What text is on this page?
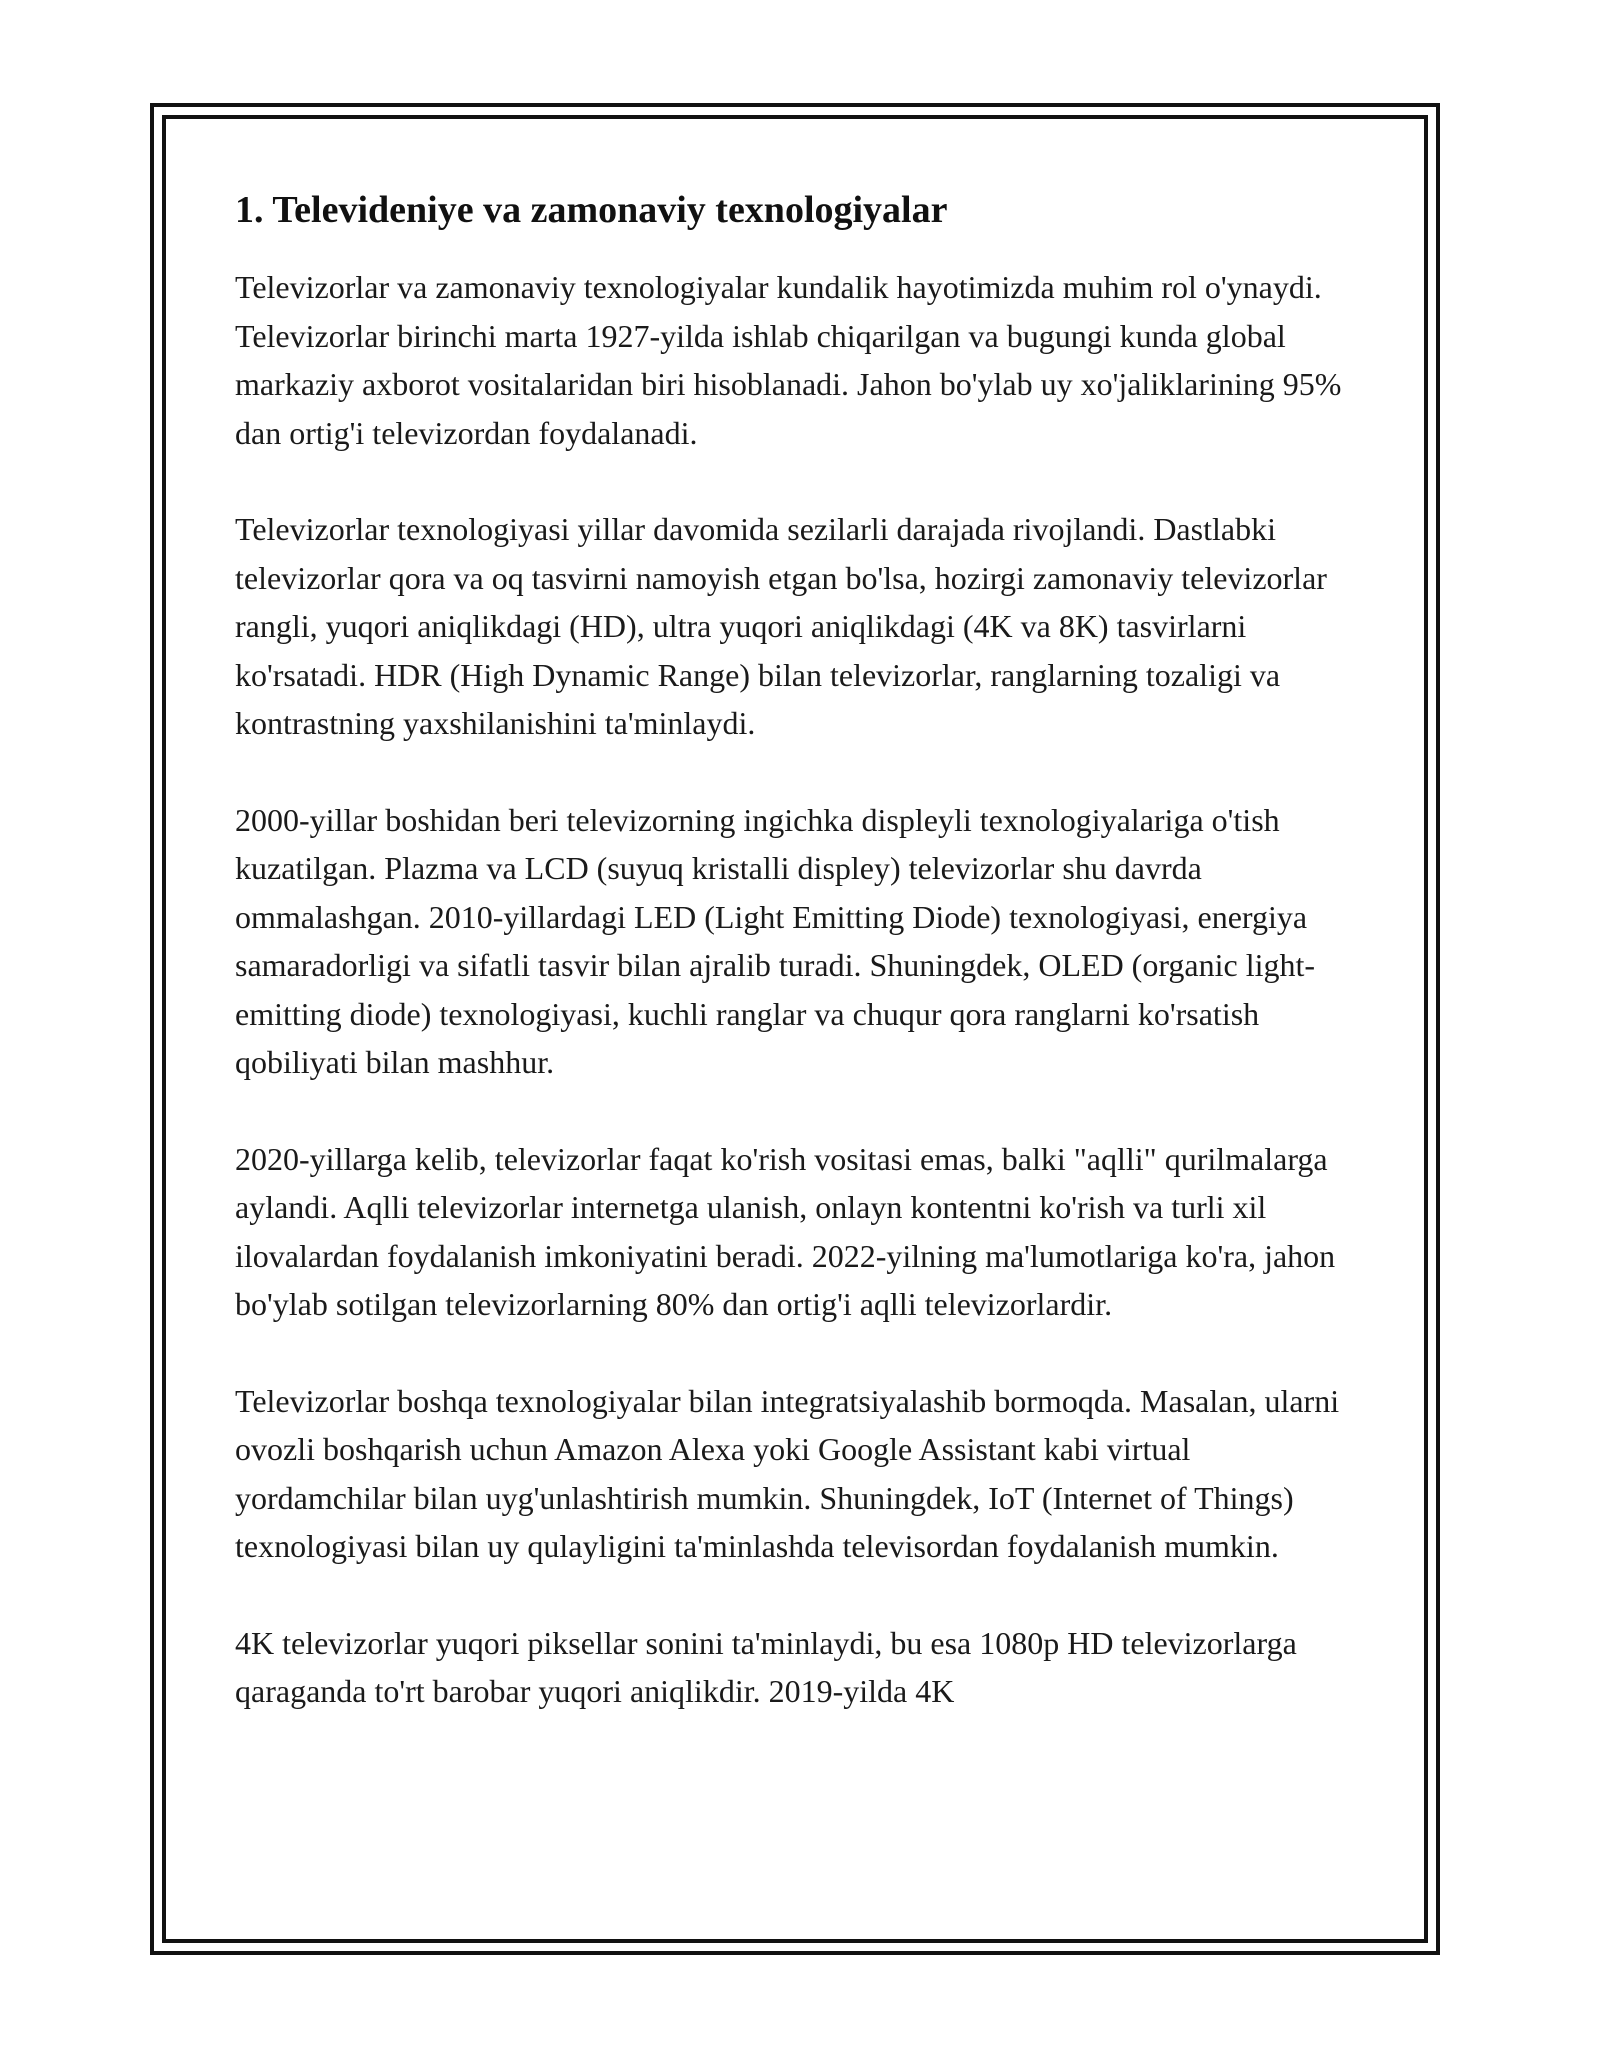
1. Televideniye va zamonaviy texnologiyalar

Televizorlar va zamonaviy texnologiyalar kundalik hayotimizda muhim rol o'ynaydi. Televizorlar birinchi marta 1927-yilda ishlab chiqarilgan va bugungi kunda global markaziy axborot vositalaridan biri hisoblanadi. Jahon bo'ylab uy xo'jaliklarining 95% dan ortig'i televizordan foydalanadi.

Televizorlar texnologiyasi yillar davomida sezilarli darajada rivojlandi. Dastlabki televizorlar qora va oq tasvirni namoyish etgan bo'lsa, hozirgi zamonaviy televizorlar rangli, yuqori aniqlikdagi (HD), ultra yuqori aniqlikdagi (4K va 8K) tasvirlarni ko'rsatadi. HDR (High Dynamic Range) bilan televizorlar, ranglarning tozaligi va kontrastning yaxshilanishini ta'minlaydi.

2000-yillar boshidan beri televizorning ingichka displeyli texnologiyalariga o'tish kuzatilgan. Plazma va LCD (suyuq kristalli displey) televizorlar shu davrda ommalashgan. 2010-yillardagi LED (Light Emitting Diode) texnologiyasi, energiya samaradorligi va sifatli tasvir bilan ajralib turadi. Shuningdek, OLED (organic light-emitting diode) texnologiyasi, kuchli ranglar va chuqur qora ranglarni ko'rsatish qobiliyati bilan mashhur.

2020-yillarga kelib, televizorlar faqat ko'rish vositasi emas, balki "aqlli" qurilmalarga aylandi. Aqlli televizorlar internetga ulanish, onlayn kontentni ko'rish va turli xil ilovalardan foydalanish imkoniyatini beradi. 2022-yilning ma'lumotlariga ko'ra, jahon bo'ylab sotilgan televizorlarning 80% dan ortig'i aqlli televizorlardir.

Televizorlar boshqa texnologiyalar bilan integratsiyalashib bormoqda. Masalan, ularni ovozli boshqarish uchun Amazon Alexa yoki Google Assistant kabi virtual yordamchilar bilan uyg'unlashtirish mumkin. Shuningdek, IoT (Internet of Things) texnologiyasi bilan uy qulayligini ta'minlashda televisordan foydalanish mumkin.

4K televizorlar yuqori piksellar sonini ta'minlaydi, bu esa 1080p HD televizorlarga qaraganda to'rt barobar yuqori aniqlikdir. 2019-yilda 4K
